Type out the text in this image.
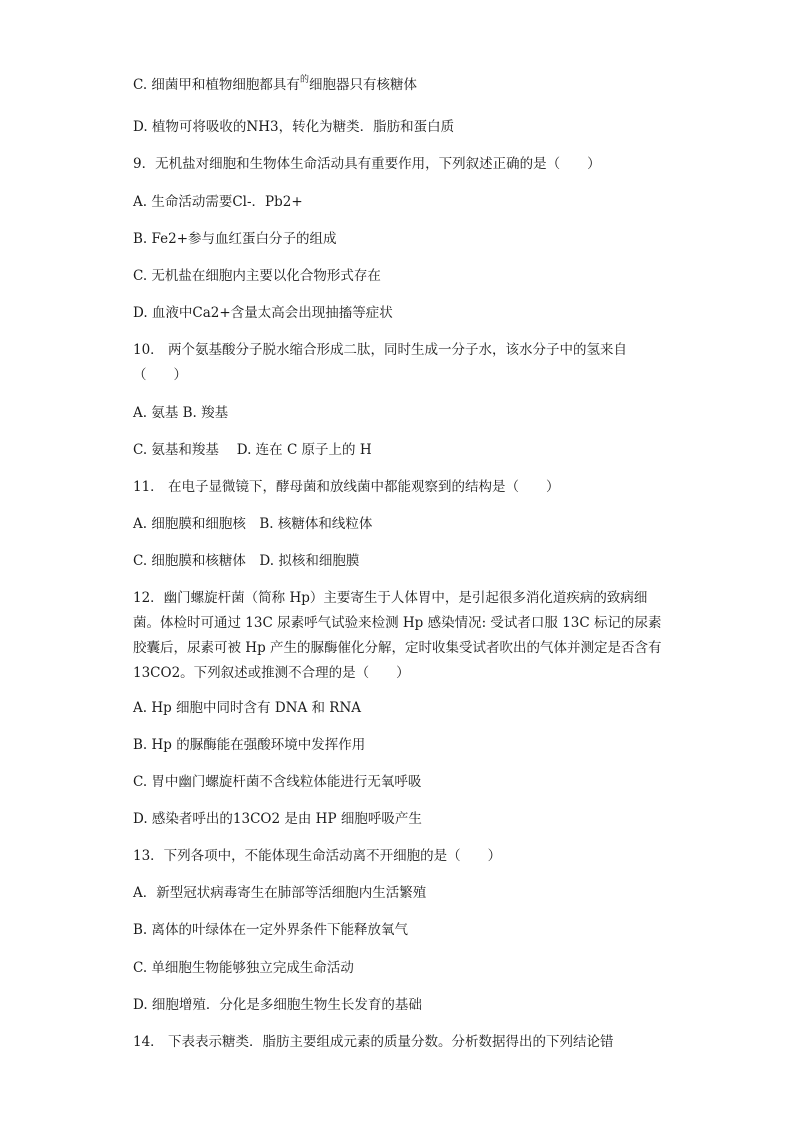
C. 细菌甲和植物细胞都具有$^的$细胞器只有核糖体
D. 植物可将吸收的NH3，转化为糖类．脂肪和蛋白质
9．无机盐对细胞和生物体生命活动具有重要作用，下列叙述正确的是（　　）
A. 生命活动需要Cl-．Pb2+
B. Fe2+参与血红蛋白分子的组成
C. 无机盐在细胞内主要以化合物形式存在
D. 血液中Ca2+含量太高会出现抽搐等症状
10． 两个氨基酸分子脱水缩合形成二肽，同时生成一分子水，该水分子中的氢来自（　　）
A. 氨基 B. 羧基
C. 氨基和羧基　 D. 连在 C 原子上的 H
11． 在电子显微镜下，酵母菌和放线菌中都能观察到的结构是（　　）
A. 细胞膜和细胞核　B. 核糖体和线粒体
C. 细胞膜和核糖体　D. 拟核和细胞膜
12．幽门螺旋杆菌（简称 Hp）主要寄生于人体胃中，是引起很多消化道疾病的致病细菌。体检时可通过 13C 尿素呼气试验来检测 Hp 感染情况: 受试者口服 13C 标记的尿素胶囊后，尿素可被 Hp 产生的脲酶催化分解，定时收集受试者吹出的气体并测定是否含有13CO2。下列叙述或推测不合理的是（　　）
A. Hp 细胞中同时含有 DNA 和 RNA
B. Hp 的脲酶能在强酸环境中发挥作用
C. 胃中幽门螺旋杆菌不含线粒体能进行无氧呼吸
D. 感染者呼出的13CO2 是由 HP 细胞呼吸产生
13．下列各项中，不能体现生命活动离不开细胞的是（　　）
A．新型冠状病毒寄生在肺部等活细胞内生活繁殖
B. 离体的叶绿体在一定外界条件下能释放氧气
C. 单细胞生物能够独立完成生命活动
D. 细胞增殖．分化是多细胞生物生长发育的基础
14． 下表表示糖类．脂肪主要组成元素的质量分数。分析数据得出的下列结论错
